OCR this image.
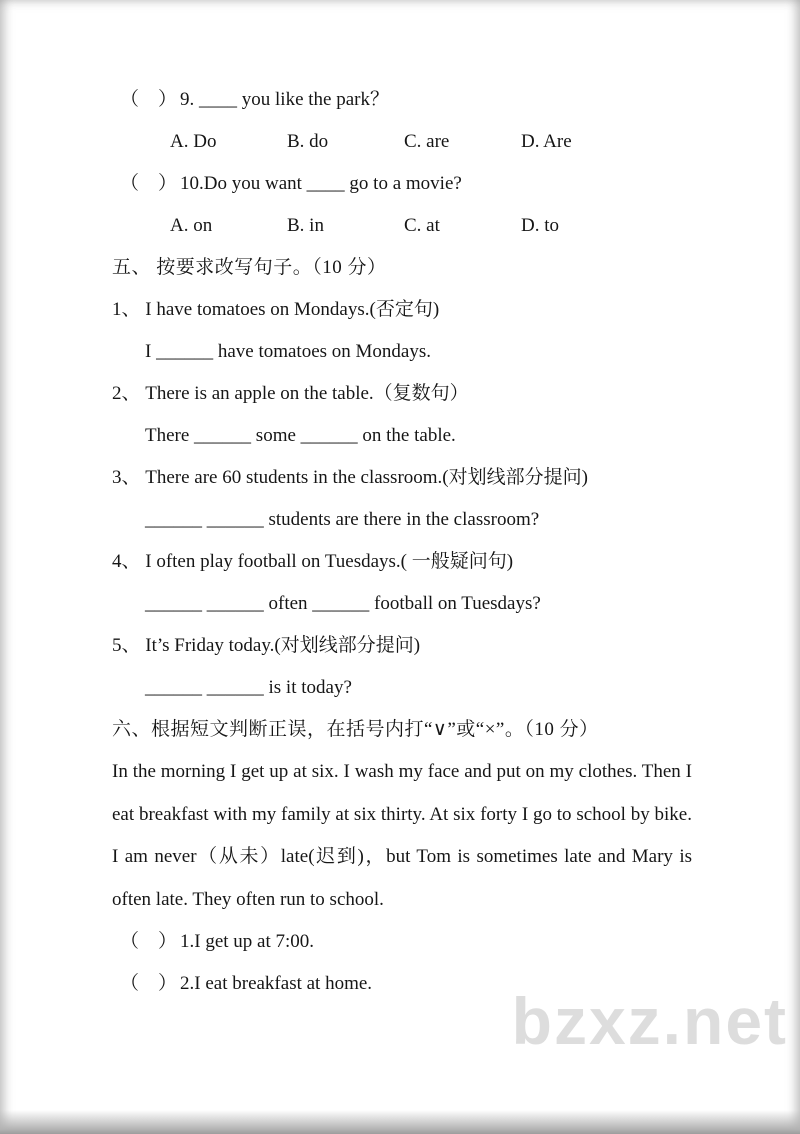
bzxz.net
（　） 9. ____ you like the park？
A. Do	B. do	C. are	D. Are
（　） 10.Do you want ____ go to a movie?
A. on	B. in	C. at	D. to
五、 按要求改写句子。（10 分）
1、 I have tomatoes on Mondays.(否定句)
I ______ have tomatoes on Mondays.
2、 There is an apple on the table.（复数句）
There ______ some ______ on the table.
3、 There are 60 students in the classroom.(对划线部分提问)
______ ______ students are there in the classroom?
4、 I often play football on Tuesdays.( 一般疑问句)
______ ______ often ______ football on Tuesdays?
5、 It’s Friday today.(对划线部分提问)
______ ______ is it today?
六、根据短文判断正误，在括号内打“∨”或“×”。（10 分）
In the morning I get up at six. I wash my face and put on my clothes. Then I eat breakfast with my family at six thirty. At six forty I go to school by bike. I am never（从未）late(迟到)，but Tom is sometimes late and Mary is often late. They often run to school.
（　） 1.I get up at 7:00.
（　） 2.I eat breakfast at home.
